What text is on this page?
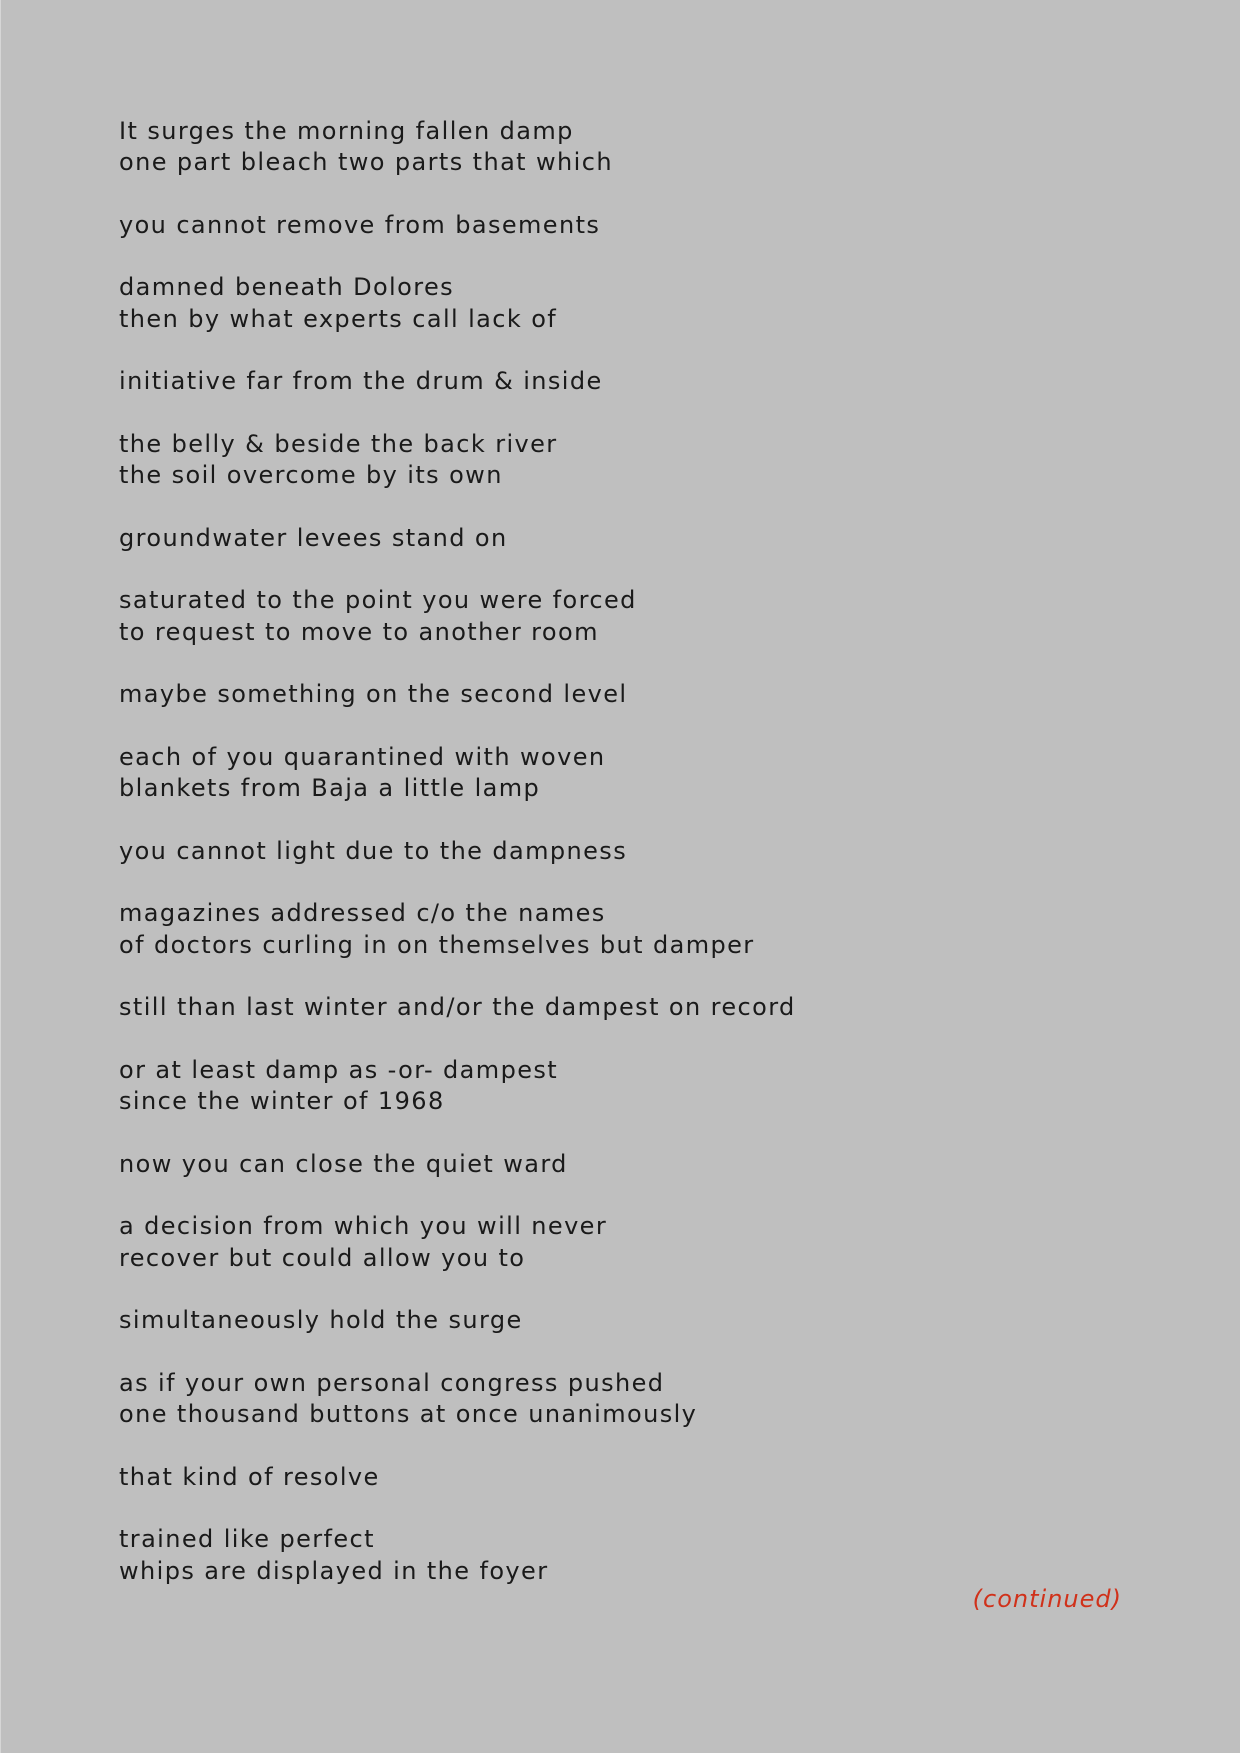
It surges the morning fallen damp
one part bleach two parts that which
you cannot remove from basements
damned beneath Dolores
then by what experts call lack of
initiative far from the drum & inside
the belly & beside the back river
the soil overcome by its own
groundwater levees stand on
saturated to the point you were forced
to request to move to another room
maybe something on the second level
each of you quarantined with woven
blankets from Baja a little lamp
you cannot light due to the dampness
magazines addressed c/o the names
of doctors curling in on themselves but damper
still than last winter and/or the dampest on record
or at least damp as -or- dampest
since the winter of 1968
now you can close the quiet ward
a decision from which you will never
recover but could allow you to
simultaneously hold the surge
as if your own personal congress pushed
one thousand buttons at once unanimously
that kind of resolve
trained like perfect
whips are displayed in the foyer
(continued)
